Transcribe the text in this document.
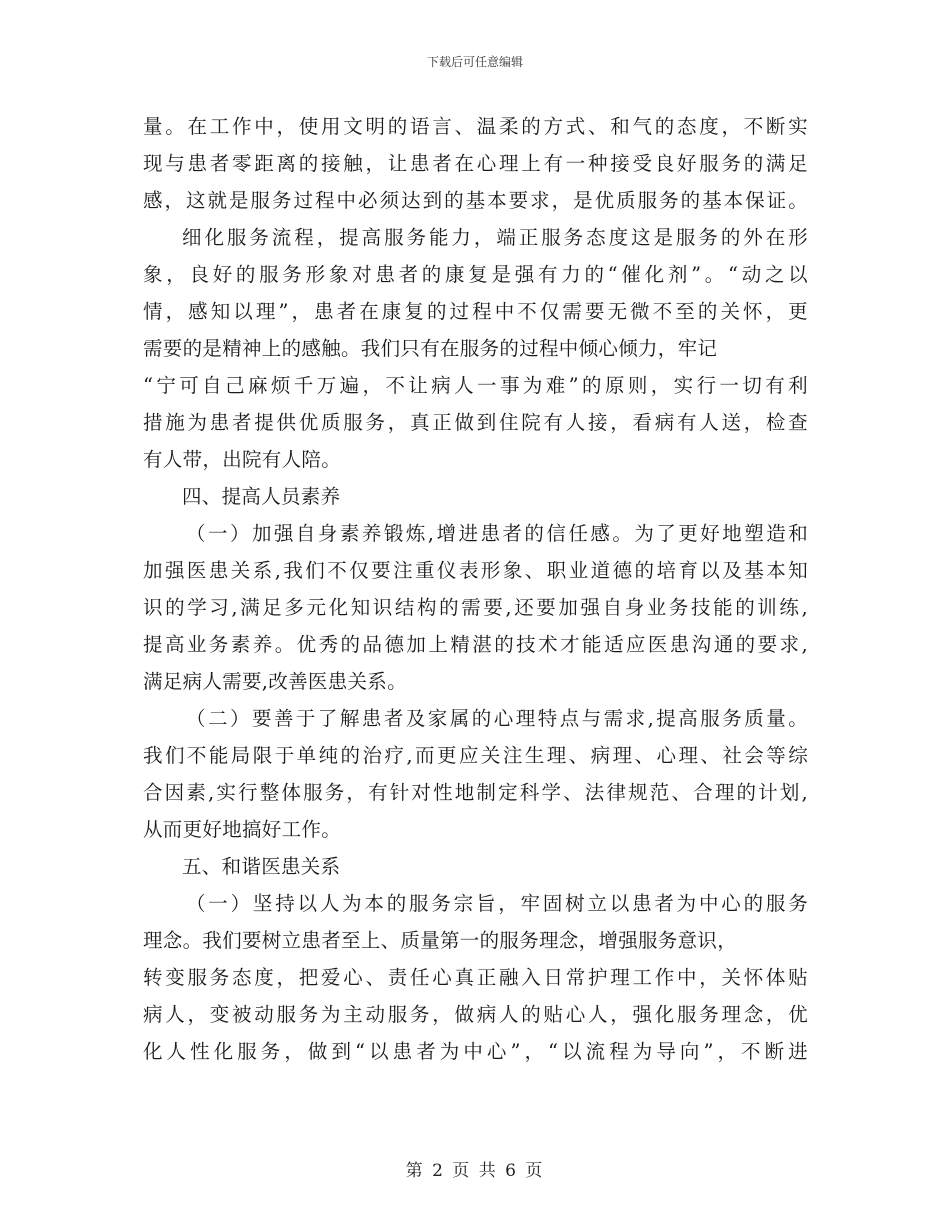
下载后可任意编辑
量。在工作中，使用文明的语言、温柔的方式、和气的态度，不断实
现与患者零距离的接触，让患者在心理上有一种接受良好服务的满足
感，这就是服务过程中必须达到的基本要求，是优质服务的基本保证。
细化服务流程，提高服务能力，端正服务态度这是服务的外在形
象，良好的服务形象对患者的康复是强有力的“催化剂”。“动之以
情，感知以理”，患者在康复的过程中不仅需要无微不至的关怀，更
需要的是精神上的感触。我们只有在服务的过程中倾心倾力，牢记
“宁可自己麻烦千万遍，不让病人一事为难”的原则，实行一切有利
措施为患者提供优质服务，真正做到住院有人接，看病有人送，检查
有人带，出院有人陪。
四、提高人员素养
（一）加强自身素养锻炼,增进患者的信任感。为了更好地塑造和
加强医患关系,我们不仅要注重仪表形象、职业道德的培育以及基本知
识的学习,满足多元化知识结构的需要,还要加强自身业务技能的训练,
提高业务素养。优秀的品德加上精湛的技术才能适应医患沟通的要求,
满足病人需要,改善医患关系。
（二）要善于了解患者及家属的心理特点与需求,提高服务质量。
我们不能局限于单纯的治疗,而更应关注生理、病理、心理、社会等综
合因素,实行整体服务，有针对性地制定科学、法律规范、合理的计划,
从而更好地搞好工作。
五、和谐医患关系
（一）坚持以人为本的服务宗旨，牢固树立以患者为中心的服务
理念。我们要树立患者至上、质量第一的服务理念，增强服务意识，
转变服务态度，把爱心、责任心真正融入日常护理工作中，关怀体贴
病人，变被动服务为主动服务，做病人的贴心人，强化服务理念，优
化人性化服务，做到“以患者为中心”，“以流程为导向”，不断进
第 2 页 共 6 页
